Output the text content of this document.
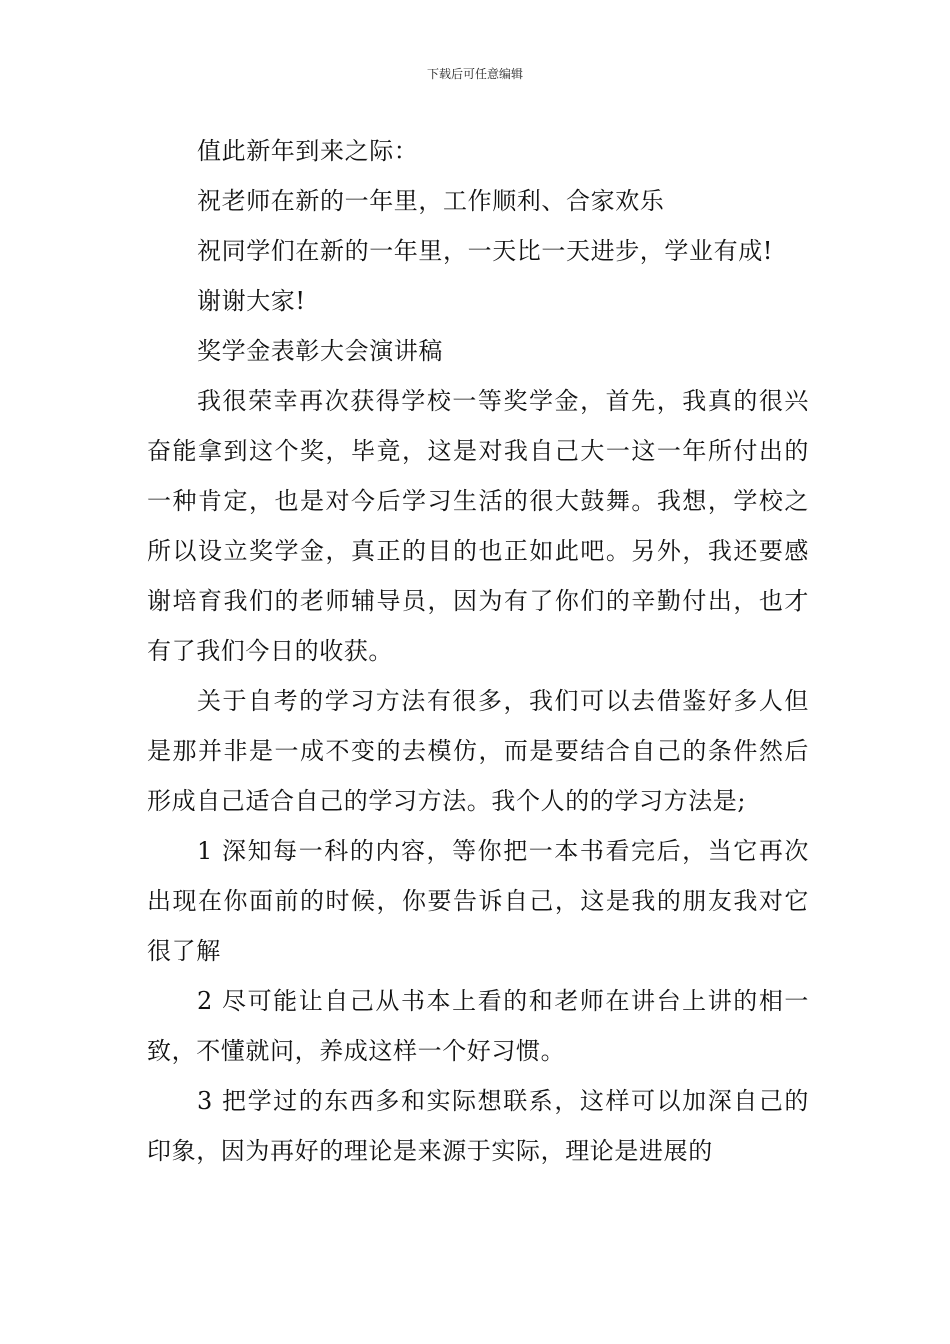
下载后可任意编辑

值此新年到来之际：

祝老师在新的一年里，工作顺利、合家欢乐

祝同学们在新的一年里，一天比一天进步，学业有成!

谢谢大家!

奖学金表彰大会演讲稿

我很荣幸再次获得学校一等奖学金，首先，我真的很兴奋能拿到这个奖，毕竟，这是对我自己大一这一年所付出的一种肯定，也是对今后学习生活的很大鼓舞。我想，学校之所以设立奖学金，真正的目的也正如此吧。另外，我还要感谢培育我们的老师辅导员，因为有了你们的辛勤付出，也才有了我们今日的收获。

关于自考的学习方法有很多，我们可以去借鉴好多人但是那并非是一成不变的去模仿，而是要结合自己的条件然后形成自己适合自己的学习方法。我个人的的学习方法是;

1 深知每一科的内容，等你把一本书看完后，当它再次出现在你面前的时候，你要告诉自己，这是我的朋友我对它很了解

2 尽可能让自己从书本上看的和老师在讲台上讲的相一致，不懂就问，养成这样一个好习惯。

3 把学过的东西多和实际想联系，这样可以加深自己的印象，因为再好的理论是来源于实际，理论是进展的
